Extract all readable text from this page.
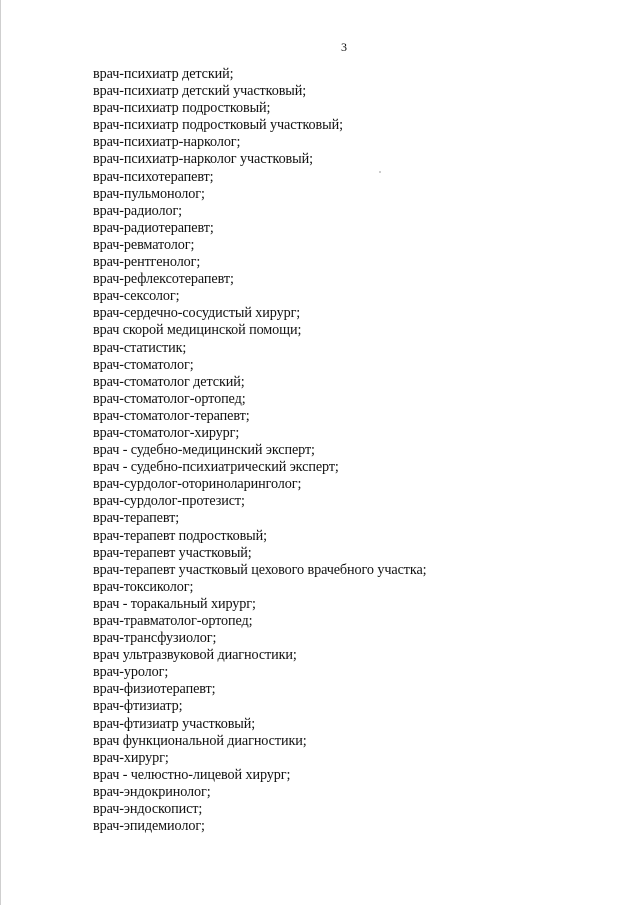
3
врач-психиатр детский;
врач-психиатр детский участковый;
врач-психиатр подростковый;
врач-психиатр подростковый участковый;
врач-психиатр-нарколог;
врач-психиатр-нарколог участковый;
врач-психотерапевт;
врач-пульмонолог;
врач-радиолог;
врач-радиотерапевт;
врач-ревматолог;
врач-рентгенолог;
врач-рефлексотерапевт;
врач-сексолог;
врач-сердечно-сосудистый хирург;
врач скорой медицинской помощи;
врач-статистик;
врач-стоматолог;
врач-стоматолог детский;
врач-стоматолог-ортопед;
врач-стоматолог-терапевт;
врач-стоматолог-хирург;
врач - судебно-медицинский эксперт;
врач - судебно-психиатрический эксперт;
врач-сурдолог-оториноларинголог;
врач-сурдолог-протезист;
врач-терапевт;
врач-терапевт подростковый;
врач-терапевт участковый;
врач-терапевт участковый цехового врачебного участка;
врач-токсиколог;
врач - торакальный хирург;
врач-травматолог-ортопед;
врач-трансфузиолог;
врач ультразвуковой диагностики;
врач-уролог;
врач-физиотерапевт;
врач-фтизиатр;
врач-фтизиатр участковый;
врач функциональной диагностики;
врач-хирург;
врач - челюстно-лицевой хирург;
врач-эндокринолог;
врач-эндоскопист;
врач-эпидемиолог;
